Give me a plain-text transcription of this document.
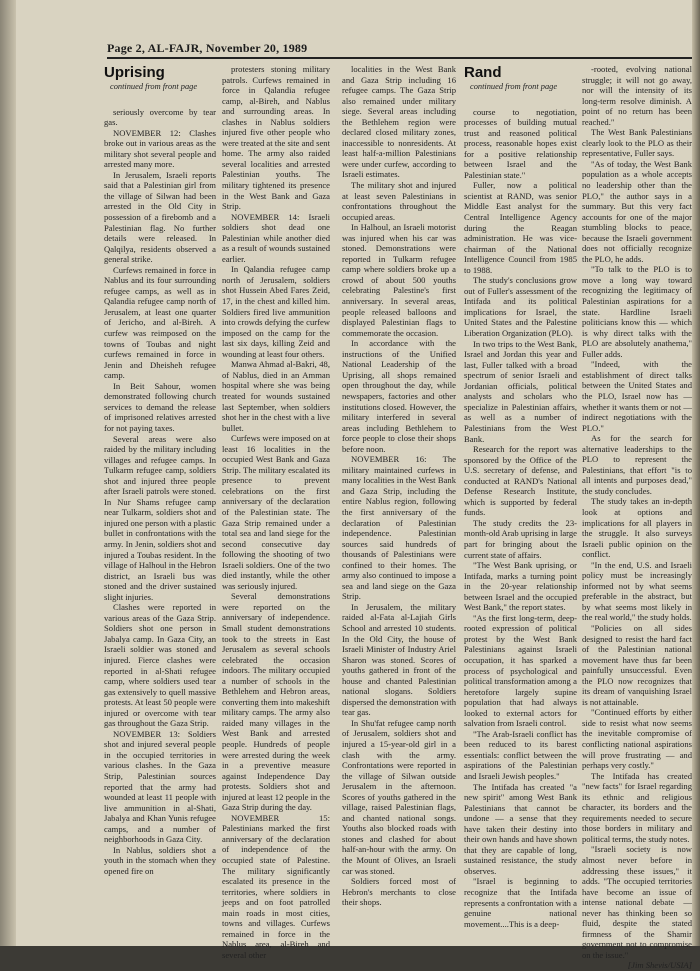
Page 2, AL-FAJR, November 20, 1989

Uprising

continued from front page

seriously overcome by tear gas.

NOVEMBER 12: Clashes broke out in various areas as the military shot several people and arrested many more.

In Jerusalem, Israeli reports said that a Palestinian girl from the village of Silwan had been arrested in the Old City in possession of a firebomb and a Palestinian flag. No further details were released. In Qalqilya, residents observed a general strike.

Curfews remained in force in Nablus and its four surrounding refugee camps, as well as in Qalandia refugee camp north of Jerusalem, at least one quarter of Jericho, and al-Bireh. A curfew was reimposed on the towns of Toubas and night curfews remained in force in Jenin and Dheisheh refugee camp.

In Beit Sahour, women demonstrated following church services to demand the release of imprisoned relatives arrested for not paying taxes.

Several areas were also raided by the military including villages and refugee camps. In Tulkarm refugee camp, soldiers shot and injured three people after Israeli patrols were stoned. In Nur Shams refugee camp near Tulkarm, soldiers shot and injured one person with a plastic bullet in confrontations with the army. In Jenin, soldiers shot and injured a Toubas resident. In the village of Halhoul in the Hebron district, an Israeli bus was stoned and the driver sustained slight injuries.

Clashes were reported in various areas of the Gaza Strip. Soldiers shot one person in Jabalya camp. In Gaza City, an Israeli soldier was stoned and injured. Fierce clashes were reported in al-Shati refugee camp, where soldiers used tear gas extensively to quell massive protests. At least 50 people were injured or overcome with tear gas throughout the Gaza Strip.

NOVEMBER 13: Soldiers shot and injured several people in the occupied territories in various clashes. In the Gaza Strip, Palestinian sources reported that the army had wounded at least 11 people with live ammunition in al-Shati, Jabalya and Khan Yunis refugee camps, and a number of neighborhoods in Gaza City.

In Nablus, soldiers shot a youth in the stomach when they opened fire on

protesters stoning military patrols. Curfews remained in force in Qalandia refugee camp, al-Bireh, and Nablus and surrounding areas. In clashes in Nablus soldiers injured five other people who were treated at the site and sent home. The army also raided several localities and arrested Palestinian youths. The military tightened its presence in the West Bank and Gaza Strip.

NOVEMBER 14: Israeli soldiers shot dead one Palestinian while another died as a result of wounds sustained earlier.

In Qalandia refugee camp north of Jerusalem, soldiers shot Hussein Abed Fares Zeid, 17, in the chest and killed him. Soldiers fired live ammunition into crowds defying the curfew imposed on the camp for the last six days, killing Zeid and wounding at least four others.

Manwa Ahmad al-Bakri, 48, of Nablus, died in an Amman hospital where she was being treated for wounds sustained last September, when soldiers shot her in the chest with a live bullet.

Curfews were imposed on at least 16 localities in the occupied West Bank and Gaza Strip. The military escalated its presence to prevent celebrations on the first anniversary of the declaration of the Palestinian state. The Gaza Strip remained under a total sea and land siege for the second consecutive day following the shooting of two Israeli soldiers. One of the two died instantly, while the other was seriously injured.

Several demonstrations were reported on the anniversary of independence. Small student demonstrations took to the streets in East Jerusalem as several schools celebrated the occasion indoors. The military occupied a number of schools in the Bethlehem and Hebron areas, converting them into makeshift military camps. The army also raided many villages in the West Bank and arrested people. Hundreds of people were arrested during the week in a preventive measure against Independence Day protests. Soldiers shot and injured at least 12 people in the Gaza Strip during the day.

NOVEMBER 15: Palestinians marked the first anniversary of the declaration of independence of the occupied state of Palestine. The military significantly escalated its presence in the territories, where soldiers in jeeps and on foot patrolled main roads in most cities, towns and villages. Curfews remained in force in the Nablus area, al-Bireh and several other

localities in the West Bank and Gaza Strip including 16 refugee camps. The Gaza Strip also remained under military siege. Several areas including the Bethlehem region were declared closed military zones, inaccessible to nonresidents. At least half-a-million Palestinians were under curfew, according to Israeli estimates.

The military shot and injured at least seven Palestinians in confrontations throughout the occupied areas.

In Halhoul, an Israeli motorist was injured when his car was stoned. Demonstrations were reported in Tulkarm refugee camp where soldiers broke up a crowd of about 500 youths celebrating Palestine's first anniversary. In several areas, people released balloons and displayed Palestinian flags to commemorate the occasion.

In accordance with the instructions of the Unified National Leadership of the Uprising, all shops remained open throughout the day, while newspapers, factories and other institutions closed. However, the military interfered in several areas including Bethlehem to force people to close their shops before noon.

NOVEMBER 16: The military maintained curfews in many localities in the West Bank and Gaza Strip, including the entire Nablus region, following the first anniversary of the declaration of Palestinian independence. Palestinian sources said hundreds of thousands of Palestinians were confined to their homes. The army also continued to impose a sea and land siege on the Gaza Strip.

In Jerusalem, the military raided al-Fata al-Lajiah Girls School and arrested 10 students. In the Old City, the house of Israeli Minister of Industry Ariel Sharon was stoned. Scores of youths gathered in front of the house and chanted Palestinian national slogans. Soldiers dispersed the demonstration with tear gas.

In Shu'fat refugee camp north of Jerusalem, soldiers shot and injured a 15-year-old girl in a clash with the army. Confrontations were reported in the village of Silwan outside Jerusalem in the afternoon. Scores of youths gathered in the village, raised Palestinian flags, and chanted national songs. Youths also blocked roads with stones and clashed for about half-an-hour with the army. On the Mount of Olives, an Israeli car was stoned.

Soldiers forced most of Hebron's merchants to close their shops.

Rand

continued from front page

course to negotiation, processes of building mutual trust and reasoned political process, reasonable hopes exist for a positive relationship between Israel and the Palestinian state."

Fuller, now a political scientist at RAND, was senior Middle East analyst for the Central Intelligence Agency during the Reagan administration. He was vice-chairman of the National Intelligence Council from 1985 to 1988.

The study's conclusions grow out of Fuller's assessment of the Intifada and its political implications for Israel, the United States and the Palestine Liberation Organization (PLO).

In two trips to the West Bank, Israel and Jordan this year and last, Fuller talked with a broad spectrum of senior Israeli and Jordanian officials, political analysts and scholars who specialize in Palestinian affairs, as well as a number of Palestinians from the West Bank.

Research for the report was sponsored by the Office of the U.S. secretary of defense, and conducted at RAND's National Defense Research Institute, which is supported by federal funds.

The study credits the 23-month-old Arab uprising in large part for bringing about the current state of affairs.

"The West Bank uprising, or Intifada, marks a turning point in the 20-year relationship between Israel and the occupied West Bank," the report states.

"As the first long-term, deep-rooted expression of political protest by the West Bank Palestinians against Israeli occupation, it has sparked a process of psychological and political transformation among a heretofore largely supine population that had always looked to external actors for salvation from Israeli control.

"The Arab-Israeli conflict has been reduced to its barest essentials: conflict between the aspirations of the Palestinian and Israeli Jewish peoples."

The Intifada has created "a new spirit" among West Bank Palestinians that cannot be undone — a sense that they have taken their destiny into their own hands and have shown that they are capable of long, sustained resistance, the study observes.

"Israel is beginning to recognize that the Intifada represents a confrontation with a genuine national movement....This is a deep-

-rooted, evolving national struggle; it will not go away, nor will the intensity of its long-term resolve diminish. A point of no return has been reached."

The West Bank Palestinians clearly look to the PLO as their representative, Fuller says.

"As of today, the West Bank population as a whole accepts no leadership other than the PLO," the author says in a summary. But this very fact accounts for one of the major stumbling blocks to peace, because the Israeli government does not officially recognize the PLO, he adds.

"To talk to the PLO is to move a long way toward recognizing the legitimacy of Palestinian aspirations for a state. Hardline Israeli politicians know this — which is why direct talks with the PLO are absolutely anathema," Fuller adds.

"Indeed, with the establishment of direct talks between the United States and the PLO, Israel now has — whether it wants them or not — indirect negotiations with the PLO."

As for the search for alternative leaderships to the PLO to represent the Palestinians, that effort "is to all intents and purposes dead," the study concludes.

The study takes an in-depth look at options and implications for all players in the struggle. It also surveys Israeli public opinion on the conflict.

"In the end, U.S. and Israeli policy must be increasingly informed not by what seems preferable in the abstract, but by what seems most likely in the real world," the study holds.

"Policies on all sides designed to resist the hard fact of the Palestinian national movement have thus far been painfully unsuccessful. Even the PLO now recognizes that its dream of vanquishing Israel is not attainable.

"Continued efforts by either side to resist what now seems the inevitable compromise of conflicting national aspirations will prove frustrating — and perhaps very costly."

The Intifada has created "new facts" for Israel regarding its ethnic and religious character, its borders and the requirements needed to secure those borders in military and political terms, the study notes.

"Israeli society is now almost never before in addressing these issues," it adds. "The occupied territories have become an issue of intense national debate — never has thinking been so fluid, despite the stated firmness of the Shamir government not to compromise on the issue."

[Jim Shevis/USIA]
